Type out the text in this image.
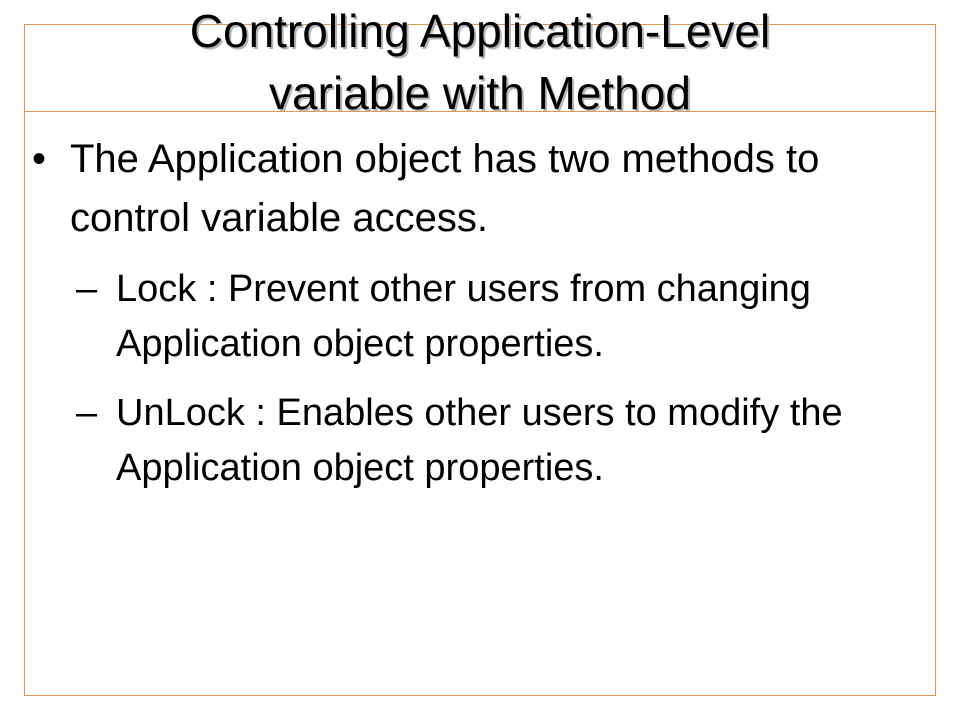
Controlling Application-Level
variable with Method
• The Application object has two methods to control variable access.
– Lock : Prevent other users from changing Application object properties.
– UnLock : Enables other users to modify the Application object properties.
